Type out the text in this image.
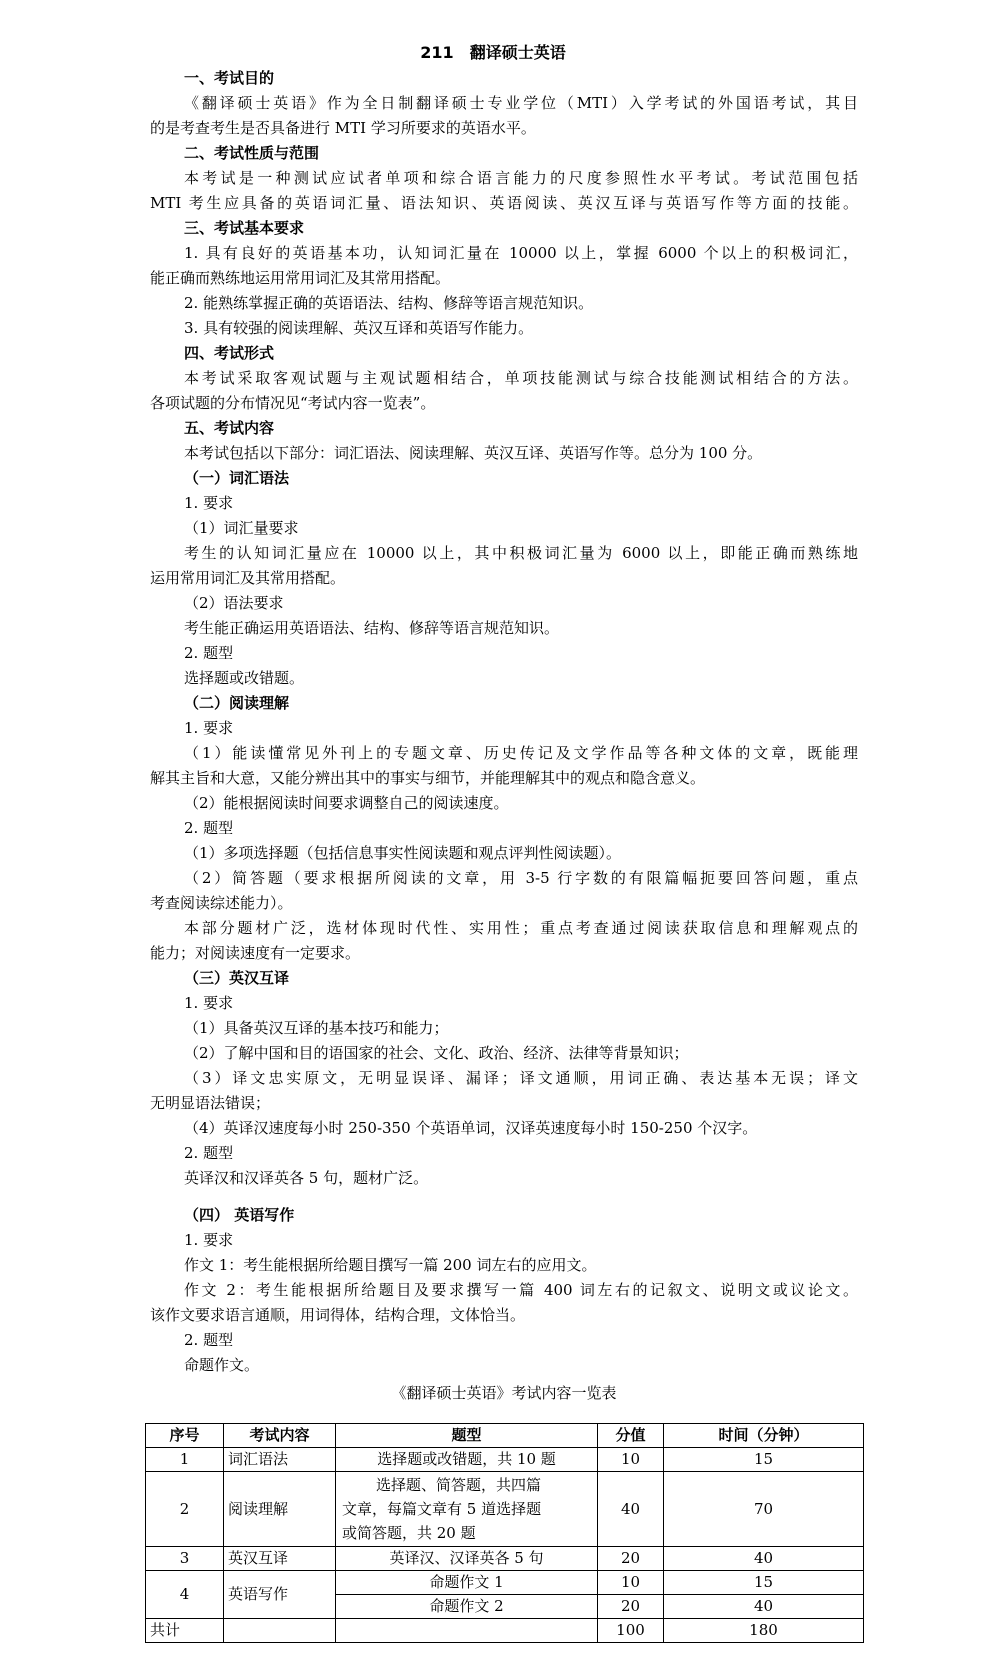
211 翻译硕士英语
一、考试目的
《翻译硕士英语》作为全日制翻译硕士专业学位（MTI）入学考试的外国语考试，其目
的是考查考生是否具备进行 MTI 学习所要求的英语水平。
二、考试性质与范围
本考试是一种测试应试者单项和综合语言能力的尺度参照性水平考试。考试范围包括
MTI 考生应具备的英语词汇量、语法知识、英语阅读、英汉互译与英语写作等方面的技能。
三、考试基本要求
1. 具有良好的英语基本功，认知词汇量在 10000 以上，掌握 6000 个以上的积极词汇，
能正确而熟练地运用常用词汇及其常用搭配。
2. 能熟练掌握正确的英语语法、结构、修辞等语言规范知识。
3. 具有较强的阅读理解、英汉互译和英语写作能力。
四、考试形式
本考试采取客观试题与主观试题相结合，单项技能测试与综合技能测试相结合的方法。
各项试题的分布情况见“考试内容一览表”。
五、考试内容
本考试包括以下部分：词汇语法、阅读理解、英汉互译、英语写作等。总分为 100 分。
（一）词汇语法
1. 要求
（1）词汇量要求
考生的认知词汇量应在 10000 以上，其中积极词汇量为 6000 以上，即能正确而熟练地
运用常用词汇及其常用搭配。
（2）语法要求
考生能正确运用英语语法、结构、修辞等语言规范知识。
2. 题型
选择题或改错题。
（二）阅读理解
1. 要求
（1）能读懂常见外刊上的专题文章、历史传记及文学作品等各种文体的文章，既能理
解其主旨和大意，又能分辨出其中的事实与细节，并能理解其中的观点和隐含意义。
（2）能根据阅读时间要求调整自己的阅读速度。
2. 题型
（1）多项选择题（包括信息事实性阅读题和观点评判性阅读题）。
（2）简答题（要求根据所阅读的文章，用 3-5 行字数的有限篇幅扼要回答问题，重点
考查阅读综述能力）。
本部分题材广泛，选材体现时代性、实用性；重点考查通过阅读获取信息和理解观点的
能力；对阅读速度有一定要求。
（三）英汉互译
1. 要求
（1）具备英汉互译的基本技巧和能力；
（2）了解中国和目的语国家的社会、文化、政治、经济、法律等背景知识；
（3）译文忠实原文，无明显误译、漏译；译文通顺，用词正确、表达基本无误；译文
无明显语法错误；
（4）英译汉速度每小时 250-350 个英语单词，汉译英速度每小时 150-250 个汉字。
2. 题型
英译汉和汉译英各 5 句，题材广泛。
（四） 英语写作
1. 要求
作文 1：考生能根据所给题目撰写一篇 200 词左右的应用文。
作文 2：考生能根据所给题目及要求撰写一篇 400 词左右的记叙文、说明文或议论文。
该作文要求语言通顺，用词得体，结构合理，文体恰当。
2. 题型
命题作文。
《翻译硕士英语》考试内容一览表
序号	考试内容	题型	分值	时间（分钟）
1	词汇语法	选择题或改错题，共 10 题	10	15
2	阅读理解	选择题、简答题，共四篇
文章，每篇文章有 5 道选择题
或简答题，共 20 题	40	70
3	英汉互译	英译汉、汉译英各 5 句	20	40
4	英语写作	命题作文 1	10	15
		命题作文 2	20	40
共计			100	180
